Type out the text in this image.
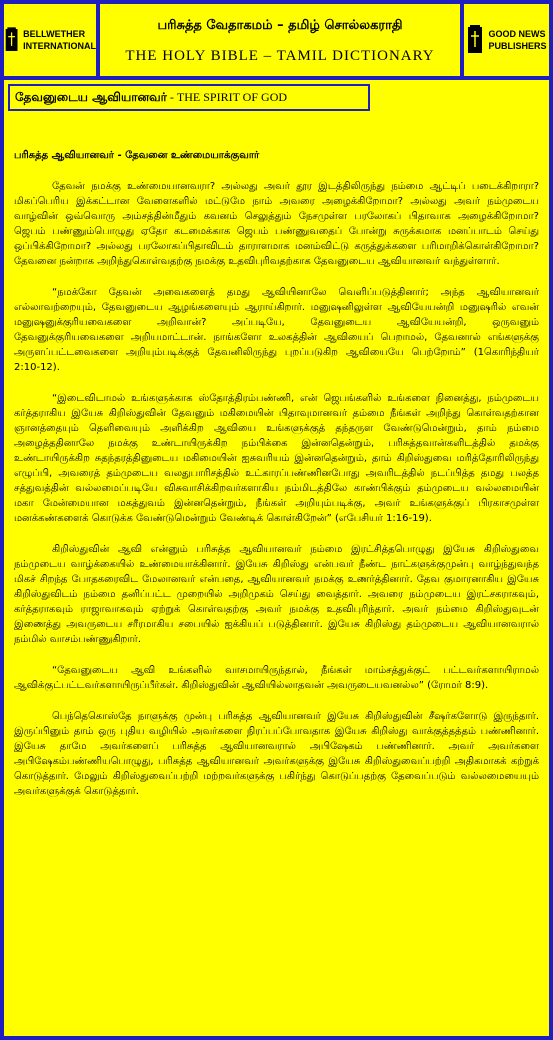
BELLWETHER
INTERNATIONAL
பரிசுத்த வேதாகமம் – தமிழ் சொல்லகராதி
THE HOLY BIBLE – TAMIL DICTIONARY
GOOD NEWS
PUBLISHERS
தேவனுடைய ஆவியானவர் - THE SPIRIT OF GOD

பரிசுத்த ஆவியானவர் - தேவனை உண்மையாக்குவார்

தேவன் நமக்கு உண்மையானவரா? அல்லது அவர் தூர இடத்திலிருந்து நம்மை ஆட்டிப் படைக்கிறாரா? மிகப்பெரிய இக்கட்டான வேளைகளில் மட்டுமே நாம் அவரை அழைக்கிறோமா? அல்லது அவர் நம்முடைய வாழ்வின் ஒவ்வொரு அம்சத்தின்மீதும் கவனம் செலுத்தும் நேசமுள்ள பரலோகப் பிதாவாக அழைக்கிறோமா? ஜெபம் பண்ணும்பொழுது ஏதோ கடமைக்காக ஜெபம் பண்ணுவதைப் போன்று சுருக்கமாக மனப்பாடம் செய்து ஒப்பிக்கிறோமா? அல்லது பரலோகப்பிதாவிடம் தாராளமாக மனம்விட்டு கருத்துக்களை பரிமாறிக்கொள்கிறோமா? தேவனை நன்றாக அறிந்துகொள்வதற்கு நமக்கு உதவிபுரிவதற்காக தேவனுடைய ஆவியானவர் வந்துள்ளார்.

“நமக்கோ தேவன் அவைகளைத் தமது ஆவியினாலே வெளிப்படுத்தினார்; அந்த ஆவியானவர் எல்லாவற்றையும், தேவனுடைய ஆழங்களையும் ஆராய்கிறார். மனுஷனிலுள்ள ஆவியேயன்றி மனுஷரில் எவன் மனுஷனுக்குரியவைகளை அறிவான்? அப்படியே, தேவனுடைய ஆவியேயன்றி, ஒருவனும் தேவனுக்குரியவைகளை அறியமாட்டான். நாங்களோ உலகத்தின் ஆவியைப் பெறாமல், தேவனால் எங்களுக்கு அருளப்பட்டவைகளை அறியும்படிக்குத் தேவனிலிருந்து புறப்படுகிற ஆவியையே பெற்றோம்” (1கொரிந்தியர் 2:10-12).

“இடைவிடாமல் உங்களுக்காக ஸ்தோத்திரம்பண்ணி, என் ஜெபங்களில் உங்களை நினைத்து, நம்முடைய கர்த்தராகிய இயேசு கிறிஸ்துவின் தேவனும் மகிமையின் பிதாவுமானவர் தம்மை நீங்கள் அறிந்து கொள்வதற்கான ஞானத்தையும் தெளிவையும் அளிக்கிற ஆவியை உங்களுக்குத் தந்தருள வேண்டுமென்றும், தாம் நம்மை அழைத்ததினாலே நமக்கு உண்டாயிருக்கிற நம்பிக்கை இன்னதென்றும், பரிசுத்தவான்களிடத்தில் தமக்கு உண்டாயிருக்கிற சுதந்தரத்தினுடைய மகிமையின் ஐசுவரியம் இன்னதென்றும், தாம் கிறிஸ்துவை மரித்தோரிலிருந்து எழுப்பி, அவரைத் தம்முடைய வலதுபாரிசத்தில் உட்காரப்பண்ணினபோது அவரிடத்தில் நடப்பித்த தமது பலத்த சத்துவத்தின் வல்லமைப்படியே விசுவாசிக்கிறவர்களாகிய நம்மிடத்திலே காண்பிக்கும் தம்முடைய வல்லமையின் மகா மேன்மையான மகத்துவம் இன்னதென்றும், நீங்கள் அறியும்படிக்கு, அவர் உங்களுக்குப் பிரகாசமுள்ள மனக்கண்களைக் கொடுக்க வேண்டுமென்றும் வேண்டிக் கொள்கிறேன்” (எபேசியர் 1:16-19).

கிறிஸ்துவின் ஆவி என்னும் பரிசுத்த ஆவியானவர் நம்மை இரட்சித்தபொழுது இயேசு கிறிஸ்துவை நம்முடைய வாழ்க்கையில் உண்மையாக்கினார். இயேசு கிறிஸ்து என்பவர் நீண்ட நாட்களுக்குமுன்பு வாழ்ந்துவந்த மிகச் சிறந்த போதகரைவிட மேலானவர் என்பதை, ஆவியானவர் நமக்கு உணர்த்தினார். தேவ குமாரனாகிய இயேசு கிறிஸ்துவிடம் நம்மை தனிப்பட்ட முறையில் அறிமுகம் செய்து வைத்தார். அவரை நம்முடைய இரட்சகராகவும், கர்த்தராகவும் ராஜாவாகவும் ஏற்றுக் கொள்வதற்கு அவர் நமக்கு உதவிபுரிந்தார். அவர் நம்மை கிறிஸ்துவுடன் இணைத்து அவருடைய சரீரமாகிய சபையில் ஐக்கியப் படுத்தினார். இயேசு கிறிஸ்து தம்முடைய ஆவியானவரால் நம்மில் வாசம்பண்ணுகிறார்.

“தேவனுடைய ஆவி உங்களில் வாசமாயிருந்தால், நீங்கள் மாம்சத்துக்குட் பட்டவர்களாயிராமல் ஆவிக்குட்பட்டவர்களாயிருப்பீர்கள். கிறிஸ்துவின் ஆவியில்லாதவன் அவருடையவனல்ல” (ரோமர் 8:9).

பெந்தெகொஸ்தே நாளுக்கு முன்பு பரிசுத்த ஆவியானவர் இயேசு கிறிஸ்துவின் சீஷர்களோடு இருந்தார். இருப்பினும் தாம் ஒரு புதிய வழியில் அவர்களை நிரப்பப்போவதாக இயேசு கிறிஸ்து வாக்குத்தத்தம் பண்ணினார். இயேசு தாமே அவர்களைப் பரிசுத்த ஆவியானவரால் அபிஷேகம் பண்ணினார். அவர் அவர்களை அபிஷேகம்பண்ணியபொழுது, பரிசுத்த ஆவியானவர் அவர்களுக்கு இயேசு கிறிஸ்துவைப்பற்றி அதிகமாகக் கற்றுக் கொடுத்தார். மேலும் கிறிஸ்துவைப்பற்றி மற்றவர்களுக்கு பகிர்ந்து கொடுப்பதற்கு தேவைப்படும் வல்லமையையும் அவர்களுக்குக் கொடுத்தார்.
